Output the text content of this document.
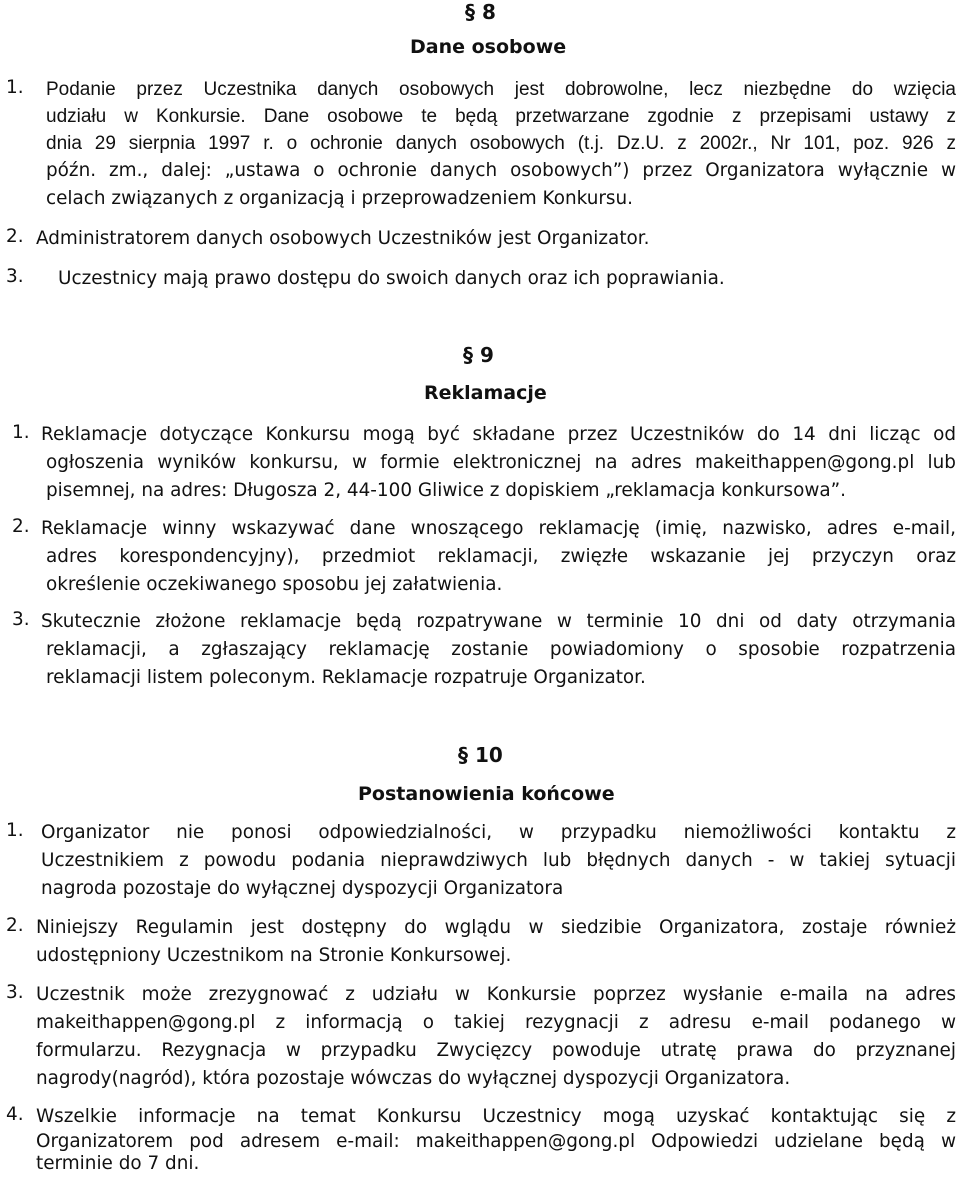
§ 8
Dane osobowe
1. Podanie przez Uczestnika danych osobowych jest dobrowolne, lecz niezbędne do wzięcia
udziału w Konkursie. Dane osobowe te będą przetwarzane zgodnie z przepisami ustawy z
dnia 29 sierpnia 1997 r. o ochronie danych osobowych (t.j. Dz.U. z 2002r., Nr 101, poz. 926 z
późn. zm., dalej: „ustawa o ochronie danych osobowych”) przez Organizatora wyłącznie w
celach związanych z organizacją i przeprowadzeniem Konkursu.
2. Administratorem danych osobowych Uczestników jest Organizator.
3. Uczestnicy mają prawo dostępu do swoich danych oraz ich poprawiania.
§ 9
Reklamacje
1. Reklamacje dotyczące Konkursu mogą być składane przez Uczestników do 14 dni licząc od
ogłoszenia wyników konkursu, w formie elektronicznej na adres makeithappen@gong.pl lub
pisemnej, na adres: Długosza 2, 44-100 Gliwice z dopiskiem „reklamacja konkursowa”.
2. Reklamacje winny wskazywać dane wnoszącego reklamację (imię, nazwisko, adres e-mail,
adres korespondencyjny), przedmiot reklamacji, zwięzłe wskazanie jej przyczyn oraz
określenie oczekiwanego sposobu jej załatwienia.
3. Skutecznie złożone reklamacje będą rozpatrywane w terminie 10 dni od daty otrzymania
reklamacji, a zgłaszający reklamację zostanie powiadomiony o sposobie rozpatrzenia
reklamacji listem poleconym. Reklamacje rozpatruje Organizator.
§ 10
Postanowienia końcowe
1. Organizator nie ponosi odpowiedzialności, w przypadku niemożliwości kontaktu z
Uczestnikiem z powodu podania nieprawdziwych lub błędnych danych - w takiej sytuacji
nagroda pozostaje do wyłącznej dyspozycji Organizatora
2. Niniejszy Regulamin jest dostępny do wglądu w siedzibie Organizatora, zostaje również
udostępniony Uczestnikom na Stronie Konkursowej.
3. Uczestnik może zrezygnować z udziału w Konkursie poprzez wysłanie e-maila na adres
makeithappen@gong.pl z informacją o takiej rezygnacji z adresu e-mail podanego w
formularzu. Rezygnacja w przypadku Zwycięzcy powoduje utratę prawa do przyznanej
nagrody(nagród), która pozostaje wówczas do wyłącznej dyspozycji Organizatora.
4. Wszelkie informacje na temat Konkursu Uczestnicy mogą uzyskać kontaktując się z
Organizatorem pod adresem e-mail: makeithappen@gong.pl Odpowiedzi udzielane będą w
terminie do 7 dni.
